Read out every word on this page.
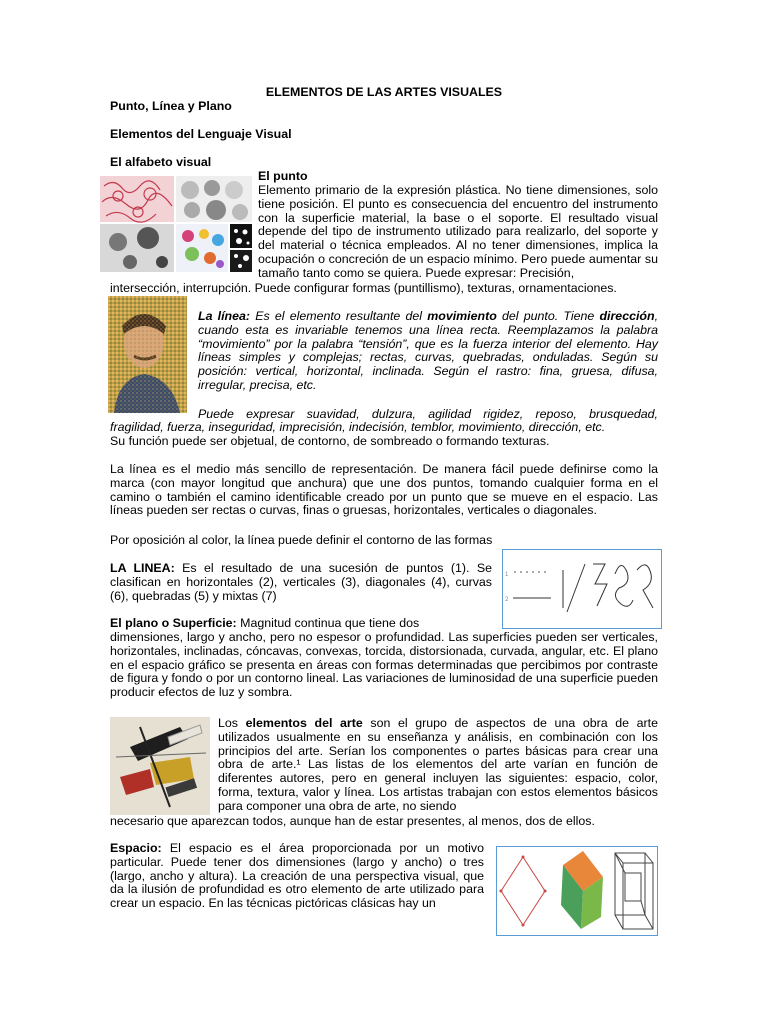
ELEMENTOS DE LAS ARTES VISUALES
Punto, Línea y Plano
Elementos del Lenguaje Visual
El alfabeto visual
El punto
Elemento primario de la expresión plástica. No tiene dimensiones, solo tiene posición. El punto es consecuencia del encuentro del instrumento con la superficie material, la base o el soporte. El resultado visual depende del tipo de instrumento utilizado para realizarlo, del soporte y del material o técnica empleados. Al no tener dimensiones, implica la ocupación o concreción de un espacio mínimo. Pero puede aumentar su tamaño tanto como se quiera. Puede expresar: Precisión,
intersección, interrupción. Puede configurar formas (puntillismo), texturas, ornamentaciones.

La línea: Es el elemento resultante del movimiento del punto. Tiene dirección, cuando esta es invariable tenemos una línea recta. Reemplazamos la palabra “movimiento” por la palabra “tensión”, que es la fuerza interior del elemento. Hay líneas simples y complejas; rectas, curvas, quebradas, onduladas. Según su posición: vertical, horizontal, inclinada. Según el rastro: fina, gruesa, difusa, irregular, precisa, etc.

Puede expresar suavidad, dulzura, agilidad rigidez, reposo, brusquedad,
fragilidad, fuerza, inseguridad, imprecisión, indecisión, temblor, movimiento, dirección, etc.
Su función puede ser objetual, de contorno, de sombreado o formando texturas.
La línea es el medio más sencillo de representación. De manera fácil puede definirse como la marca (con mayor longitud que anchura) que une dos puntos, tomando cualquier forma en el camino o también el camino identificable creado por un punto que se mueve en el espacio. Las líneas pueden ser rectas o curvas, finas o gruesas, horizontales, verticales o diagonales.
Por oposición al color, la línea puede definir el contorno de las formas
1
2

LA LINEA: Es el resultado de una sucesión de puntos (1). Se clasifican en horizontales (2), verticales (3), diagonales (4), curvas (6), quebradas (5) y mixtas (7)

El plano o Superficie: Magnitud continua que tiene dos

dimensiones, largo y ancho, pero no espesor o profundidad. Las superficies pueden ser verticales, horizontales, inclinadas, cóncavas, convexas, torcida, distorsionada, curvada, angular, etc. El plano en el espacio gráfico se presenta en áreas con formas determinadas que percibimos por contraste de figura y fondo o por un contorno lineal. Las variaciones de luminosidad de una superficie pueden producir efectos de luz y sombra.

Los elementos del arte son el grupo de aspectos de una obra de arte utilizados usualmente en su enseñanza y análisis, en combinación con los principios del arte. Serían los componentes o partes básicas para crear una obra de arte.¹ Las listas de los elementos del arte varían en función de diferentes autores, pero en general incluyen las siguientes: espacio, color, forma, textura, valor y línea. Los artistas trabajan con estos elementos básicos para componer una obra de arte, no siendo

necesario que aparezcan todos, aunque han de estar presentes, al menos, dos de ellos.

Espacio: El espacio es el área proporcionada por un motivo particular. Puede tener dos dimensiones (largo y ancho) o tres (largo, ancho y altura). La creación de una perspectiva visual, que da la ilusión de profundidad es otro elemento de arte utilizado para crear un espacio. En las técnicas pictóricas clásicas hay un
